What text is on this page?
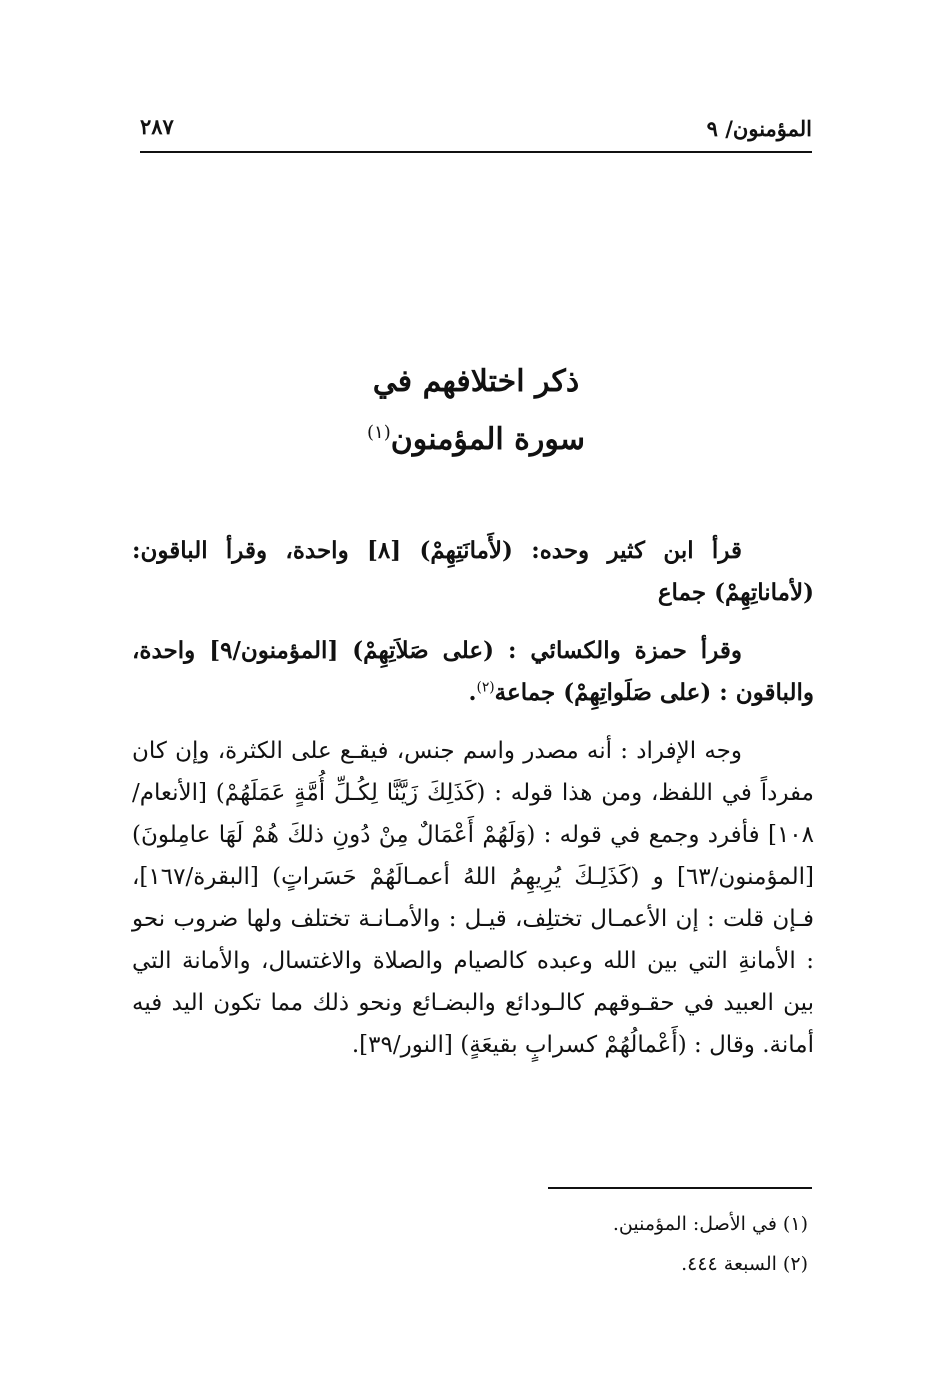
المؤمنون/ ٩
٢٨٧
ذكر اختلافهم في
سورة المؤمنون$^{(١)}$

قرأ ابن كثير وحده: (لأَمانَتِهِمْ) [٨] واحدة، وقرأ الباقون: (لأماناتِهِمْ) جماع

وقرأ حمزة والكسائي : (على صَلاَتِهِمْ) [المؤمنون/٩] واحدة، والباقون : (على صَلَواتِهِمْ) جماعة$^{(٢)}$.

وجه الإفراد : أنه مصدر واسم جنس، فيقـع على الكثرة، وإن كان مفرداً في اللفظ، ومن هذا قوله : (كَذَلِكَ زَيَّنَّا لِكُـلِّ أُمَّةٍ عَمَلَهُمْ) [الأنعام/١٠٨] فأفرد وجمع في قوله : (وَلَهُمْ أَعْمَالٌ مِنْ دُونِ ذلكَ هُمْ لَهَا عامِلونَ) [المؤمنون/٦٣] و (كَذَلِـكَ يُرِيهِمُ اللهُ أعمـالَهُمْ حَسَراتٍ) [البقرة/١٦٧]، فـإن قلت : إن الأعمـال تختلِف، قيـل : والأمـانـة تختلف ولها ضروب نحو : الأمانةِ التي بين الله وعبده كالصيام والصلاة والاغتسال، والأمانة التي بين العبيد في حقـوقهم كالـودائع والبضـائع ونحو ذلك مما تكون اليد فيه أمانة. وقال : (أَعْمالُهُمْ كسرابٍ بقيعَةٍ) [النور/٣٩].

(١) في الأصل: المؤمنين.
(٢) السبعة ٤٤٤.
